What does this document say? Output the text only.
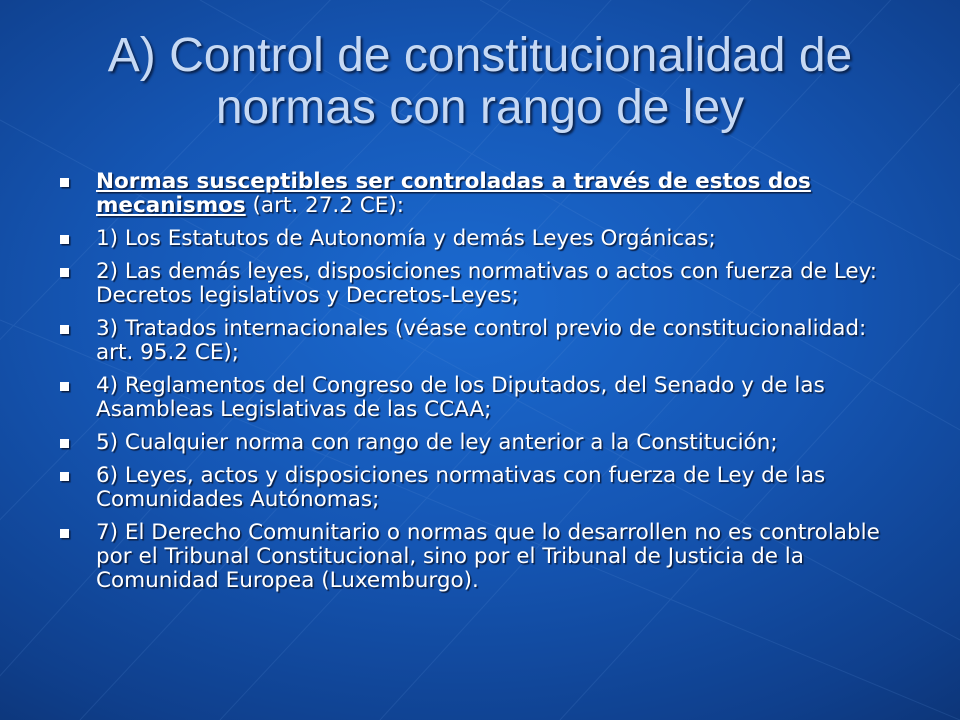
A) Control de constitucionalidad de normas con rango de ley
Normas susceptibles ser controladas a través de estos dos mecanismos (art. 27.2 CE):
1) Los Estatutos de Autonomía y demás Leyes Orgánicas;
2) Las demás leyes, disposiciones normativas o actos con fuerza de Ley: Decretos legislativos y Decretos-Leyes;
3) Tratados internacionales (véase control previo de constitucionalidad: art. 95.2 CE);
4) Reglamentos del Congreso de los Diputados, del Senado y de las Asambleas Legislativas de las CCAA;
5) Cualquier norma con rango de ley anterior a la Constitución;
6) Leyes, actos y disposiciones normativas con fuerza de Ley de las Comunidades Autónomas;
7) El Derecho Comunitario o normas que lo desarrollen no es controlable por el Tribunal Constitucional, sino por el Tribunal de Justicia de la Comunidad Europea (Luxemburgo).
